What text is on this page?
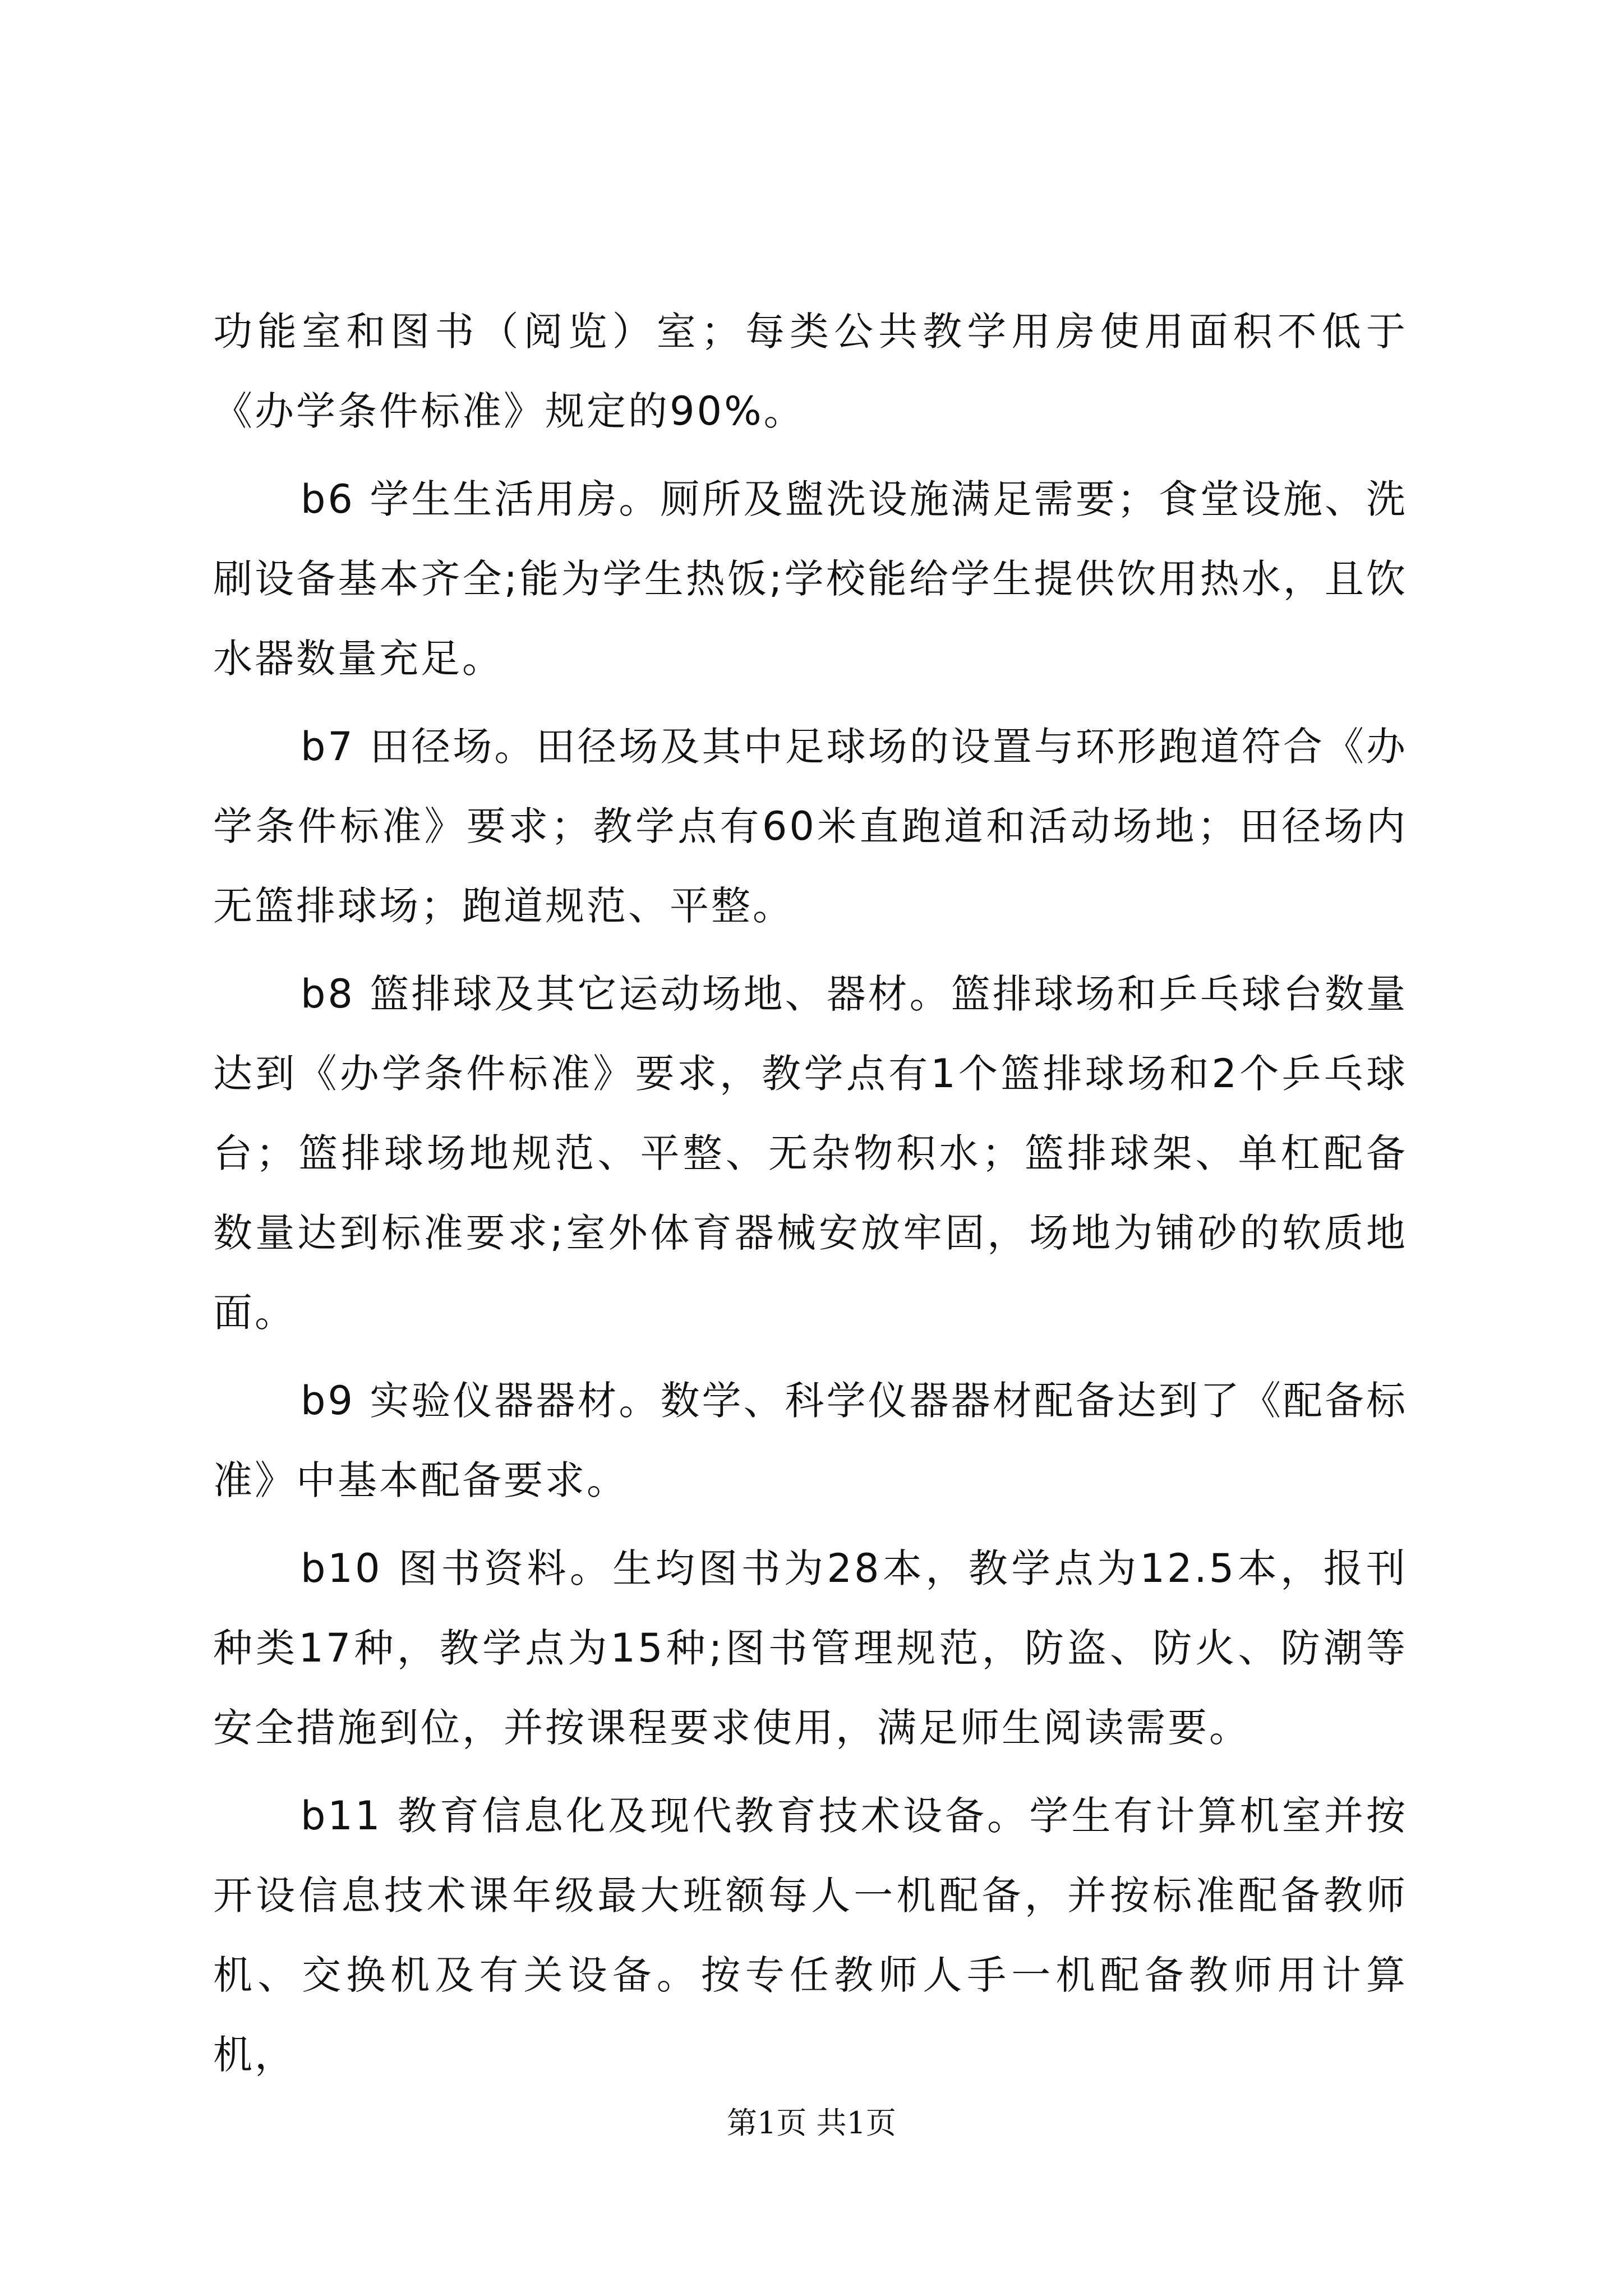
功能室和图书（阅览）室；每类公共教学用房使用面积不低于《办学条件标准》规定的90%。

b6 学生生活用房。厕所及盥洗设施满足需要；食堂设施、洗刷设备基本齐全;能为学生热饭;学校能给学生提供饮用热水，且饮水器数量充足。

b7 田径场。田径场及其中足球场的设置与环形跑道符合《办学条件标准》要求；教学点有60米直跑道和活动场地；田径场内无篮排球场；跑道规范、平整。

b8 篮排球及其它运动场地、器材。篮排球场和乒乓球台数量达到《办学条件标准》要求，教学点有1个篮排球场和2个乒乓球台；篮排球场地规范、平整、无杂物积水；篮排球架、单杠配备数量达到标准要求;室外体育器械安放牢固，场地为铺砂的软质地面。

b9 实验仪器器材。数学、科学仪器器材配备达到了《配备标准》中基本配备要求。

b10 图书资料。生均图书为28本，教学点为12.5本，报刊种类17种，教学点为15种;图书管理规范，防盗、防火、防潮等安全措施到位，并按课程要求使用，满足师生阅读需要。

b11 教育信息化及现代教育技术设备。学生有计算机室并按开设信息技术课年级最大班额每人一机配备，并按标准配备教师机、交换机及有关设备。按专任教师人手一机配备教师用计算机，

第1页 共1页
